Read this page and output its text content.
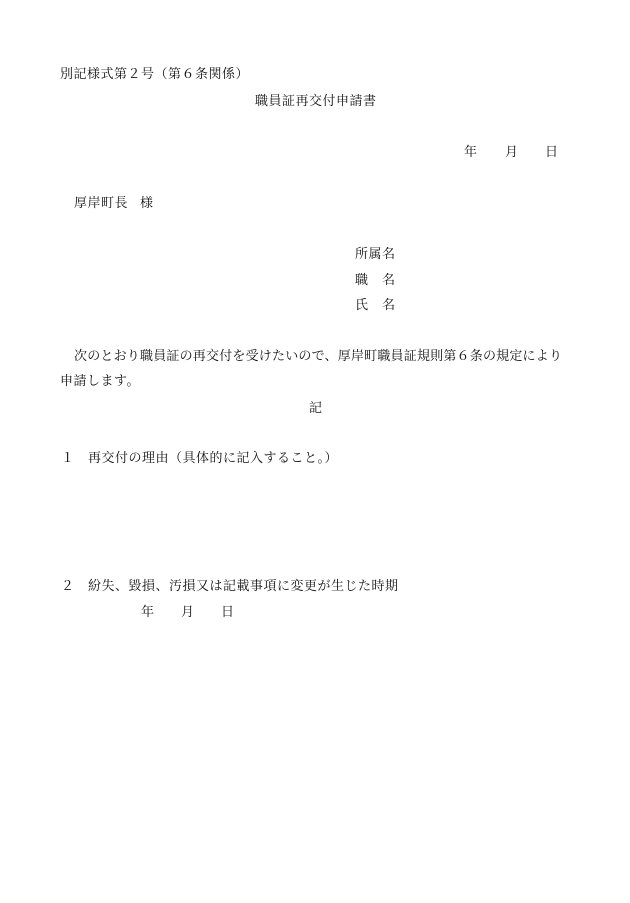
別記様式第２号（第６条関係）
職員証再交付申請書
年 月 日
厚岸町長 様
所属名
職　名
氏　名
次のとおり職員証の再交付を受けたいので、厚岸町職員証規則第６条の規定により
申請します。
記
１ 再交付の理由（具体的に記入すること。）
２ 紛失、毀損、汚損又は記載事項に変更が生じた時期
年 月 日
